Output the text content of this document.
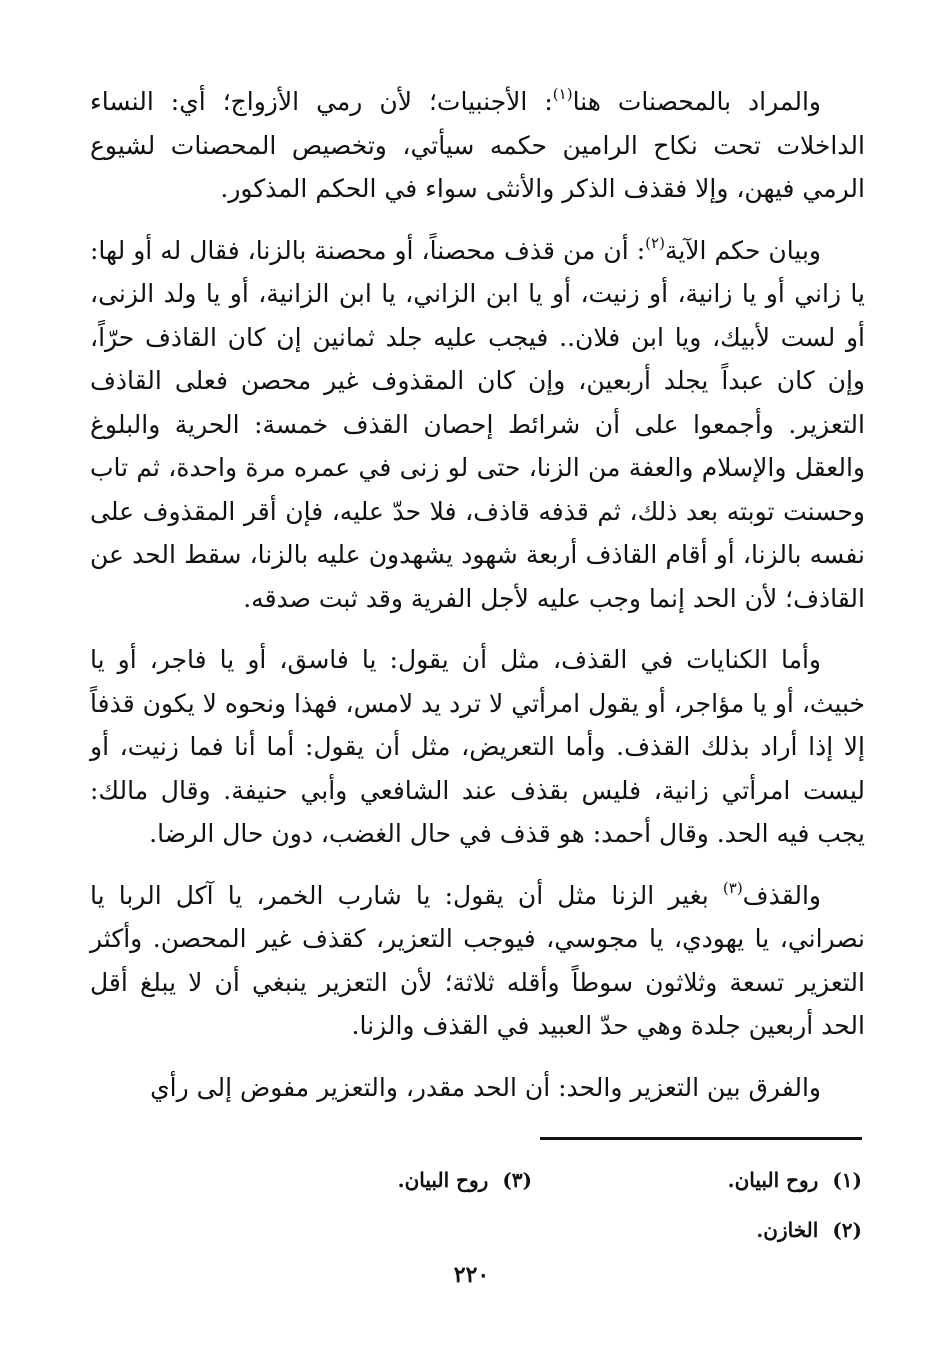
والمراد بالمحصنات هنا$^{(١)}$: الأجنبيات؛ لأن رمي الأزواج؛ أي: النساء الداخلات تحت نكاح الرامين حكمه سيأتي، وتخصيص المحصنات لشيوع الرمي فيهن، وإلا فقذف الذكر والأنثى سواء في الحكم المذكور.

وبيان حكم الآية$^{(٢)}$: أن من قذف محصناً، أو محصنة بالزنا، فقال له أو لها: يا زاني أو يا زانية، أو زنيت، أو يا ابن الزاني، يا ابن الزانية، أو يا ولد الزنى، أو لست لأبيك، ويا ابن فلان.. فيجب عليه جلد ثمانين إن كان القاذف حرّاً، وإن كان عبداً يجلد أربعين، وإن كان المقذوف غير محصن فعلى القاذف التعزير. وأجمعوا على أن شرائط إحصان القذف خمسة: الحرية والبلوغ والعقل والإسلام والعفة من الزنا، حتى لو زنى في عمره مرة واحدة، ثم تاب وحسنت توبته بعد ذلك، ثم قذفه قاذف، فلا حدّ عليه، فإن أقر المقذوف على نفسه بالزنا، أو أقام القاذف أربعة شهود يشهدون عليه بالزنا، سقط الحد عن القاذف؛ لأن الحد إنما وجب عليه لأجل الفرية وقد ثبت صدقه.

وأما الكنايات في القذف، مثل أن يقول: يا فاسق، أو يا فاجر، أو يا خبيث، أو يا مؤاجر، أو يقول امرأتي لا ترد يد لامس، فهذا ونحوه لا يكون قذفاً إلا إذا أراد بذلك القذف. وأما التعريض، مثل أن يقول: أما أنا فما زنيت، أو ليست امرأتي زانية، فليس بقذف عند الشافعي وأبي حنيفة. وقال مالك: يجب فيه الحد. وقال أحمد: هو قذف في حال الغضب، دون حال الرضا.

والقذف$^{(٣)}$ بغير الزنا مثل أن يقول: يا شارب الخمر، يا آكل الربا يا نصراني، يا يهودي، يا مجوسي، فيوجب التعزير، كقذف غير المحصن. وأكثر التعزير تسعة وثلاثون سوطاً وأقله ثلاثة؛ لأن التعزير ينبغي أن لا يبلغ أقل الحد أربعين جلدة وهي حدّ العبيد في القذف والزنا.

والفرق بين التعزير والحد: أن الحد مقدر، والتعزير مفوض إلى رأي

(١)روح البيان.
(٣)روح البيان.
(٢)الخازن.
٢٢٠
